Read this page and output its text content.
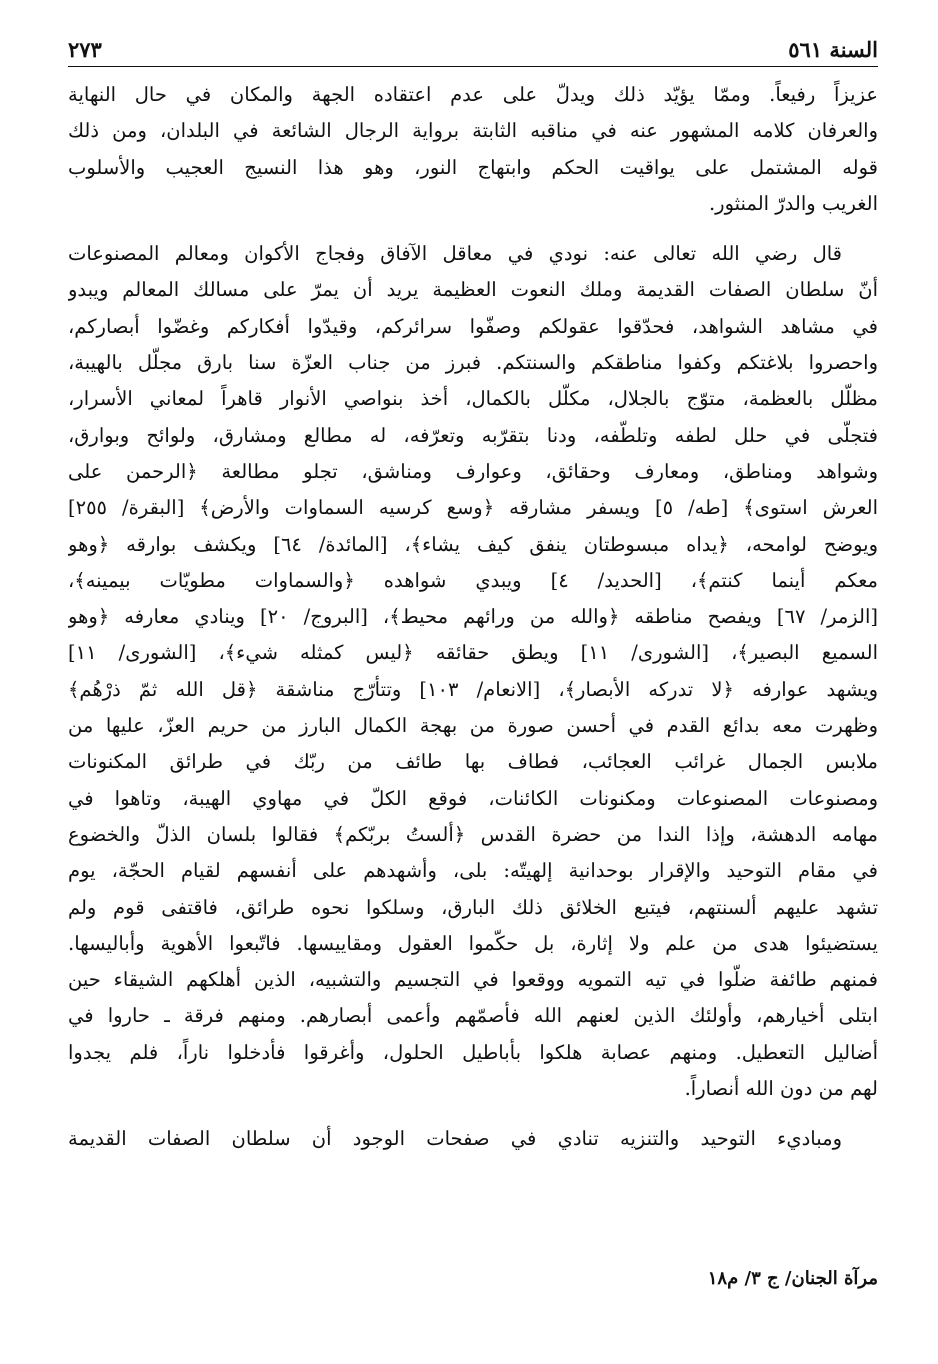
السنة ٥٦١
٢٧٣
عزيزاً رفيعاً. وممّا يؤيّد ذلك ويدلّ على عدم اعتقاده الجهة والمكان في حال النهاية
والعرفان كلامه المشهور عنه في مناقبه الثابتة برواية الرجال الشائعة في البلدان، ومن ذلك
قوله المشتمل على يواقيت الحكم وابتهاج النور، وهو هذا النسيج العجيب والأسلوب
الغريب والدرّ المنثور.
قال رضي الله تعالى عنه: نودي في معاقل الآفاق وفجاج الأكوان ومعالم المصنوعات
أنّ سلطان الصفات القديمة وملك النعوت العظيمة يريد أن يمرّ على مسالك المعالم ويبدو
في مشاهد الشواهد، فحدّقوا عقولكم وصفّوا سرائركم، وقيدّوا أفكاركم وغضّوا أبصاركم،
واحصروا بلاغتكم وكفوا مناطقكم والسنتكم. فبرز من جناب العزّة سنا بارق مجلّل بالهيبة،
مظلّل بالعظمة، متوّج بالجلال، مكلّل بالكمال، أخذ بنواصي الأنوار قاهراً لمعاني الأسرار،
فتجلّى في حلل لطفه وتلطّفه، ودنا بتقرّبه وتعرّفه، له مطالع ومشارق، ولوائح وبوارق،
وشواهد ومناطق، ومعارف وحقائق، وعوارف ومناشق، تجلو مطالعة ﴿الرحمن على
العرش استوى﴾ [طه/ ٥] ويسفر مشارقه ﴿وسع كرسيه السماوات والأرض﴾ [البقرة/ ٢٥٥]
ويوضح لوامحه، ﴿يداه مبسوطتان ينفق كيف يشاء﴾، [المائدة/ ٦٤] ويكشف بوارقه ﴿وهو
معكم أينما كنتم﴾، [الحديد/ ٤] ويبدي شواهده ﴿والسماوات مطويّات بيمينه﴾،
[الزمر/ ٦٧] ويفصح مناطقه ﴿والله من ورائهم محيط﴾، [البروج/ ٢٠] وينادي معارفه ﴿وهو
السميع البصير﴾، [الشورى/ ١١] ويطق حقائقه ﴿ليس كمثله شيء﴾، [الشورى/ ١١]
ويشهد عوارفه ﴿لا تدركه الأبصار﴾، [الانعام/ ١٠٣] وتتأرّج مناشقة ﴿قل الله ثمّ ذرْهُم﴾
وظهرت معه بدائع القدم في أحسن صورة من بهجة الكمال البارز من حريم العزّ، عليها من
ملابس الجمال غرائب العجائب، فطاف بها طائف من ربّك في طرائق المكنونات
ومصنوعات المصنوعات ومكنونات الكائنات، فوقع الكلّ في مهاوي الهيبة، وتاهوا في
مهامه الدهشة، وإذا الندا من حضرة القدس ﴿ألستُ بربّكم﴾ فقالوا بلسان الذلّ والخضوع
في مقام التوحيد والإقرار بوحدانية إلهيتّه: بلى، وأشهدهم على أنفسهم لقيام الحجّة، يوم
تشهد عليهم ألسنتهم، فيتبع الخلائق ذلك البارق، وسلكوا نحوه طرائق، فاقتفى قوم ولم
يستضيئوا هدى من علم ولا إثارة، بل حكّموا العقول ومقاييسها. فاتّبعوا الأهوية وأباليسها.
فمنهم طائفة ضلّوا في تيه التمويه ووقعوا في التجسيم والتشبيه، الذين أهلكهم الشيقاء حين
ابتلى أخيارهم، وأولئك الذين لعنهم الله فأصمّهم وأعمى أبصارهم. ومنهم فرقة ـ حاروا في
أضاليل التعطيل. ومنهم عصابة هلكوا بأباطيل الحلول، وأغرقوا فأدخلوا ناراً، فلم يجدوا
لهم من دون الله أنصاراً.
ومباديء التوحيد والتنزيه تنادي في صفحات الوجود أن سلطان الصفات القديمة
مرآة الجنان/ ج ٣/ م١٨
